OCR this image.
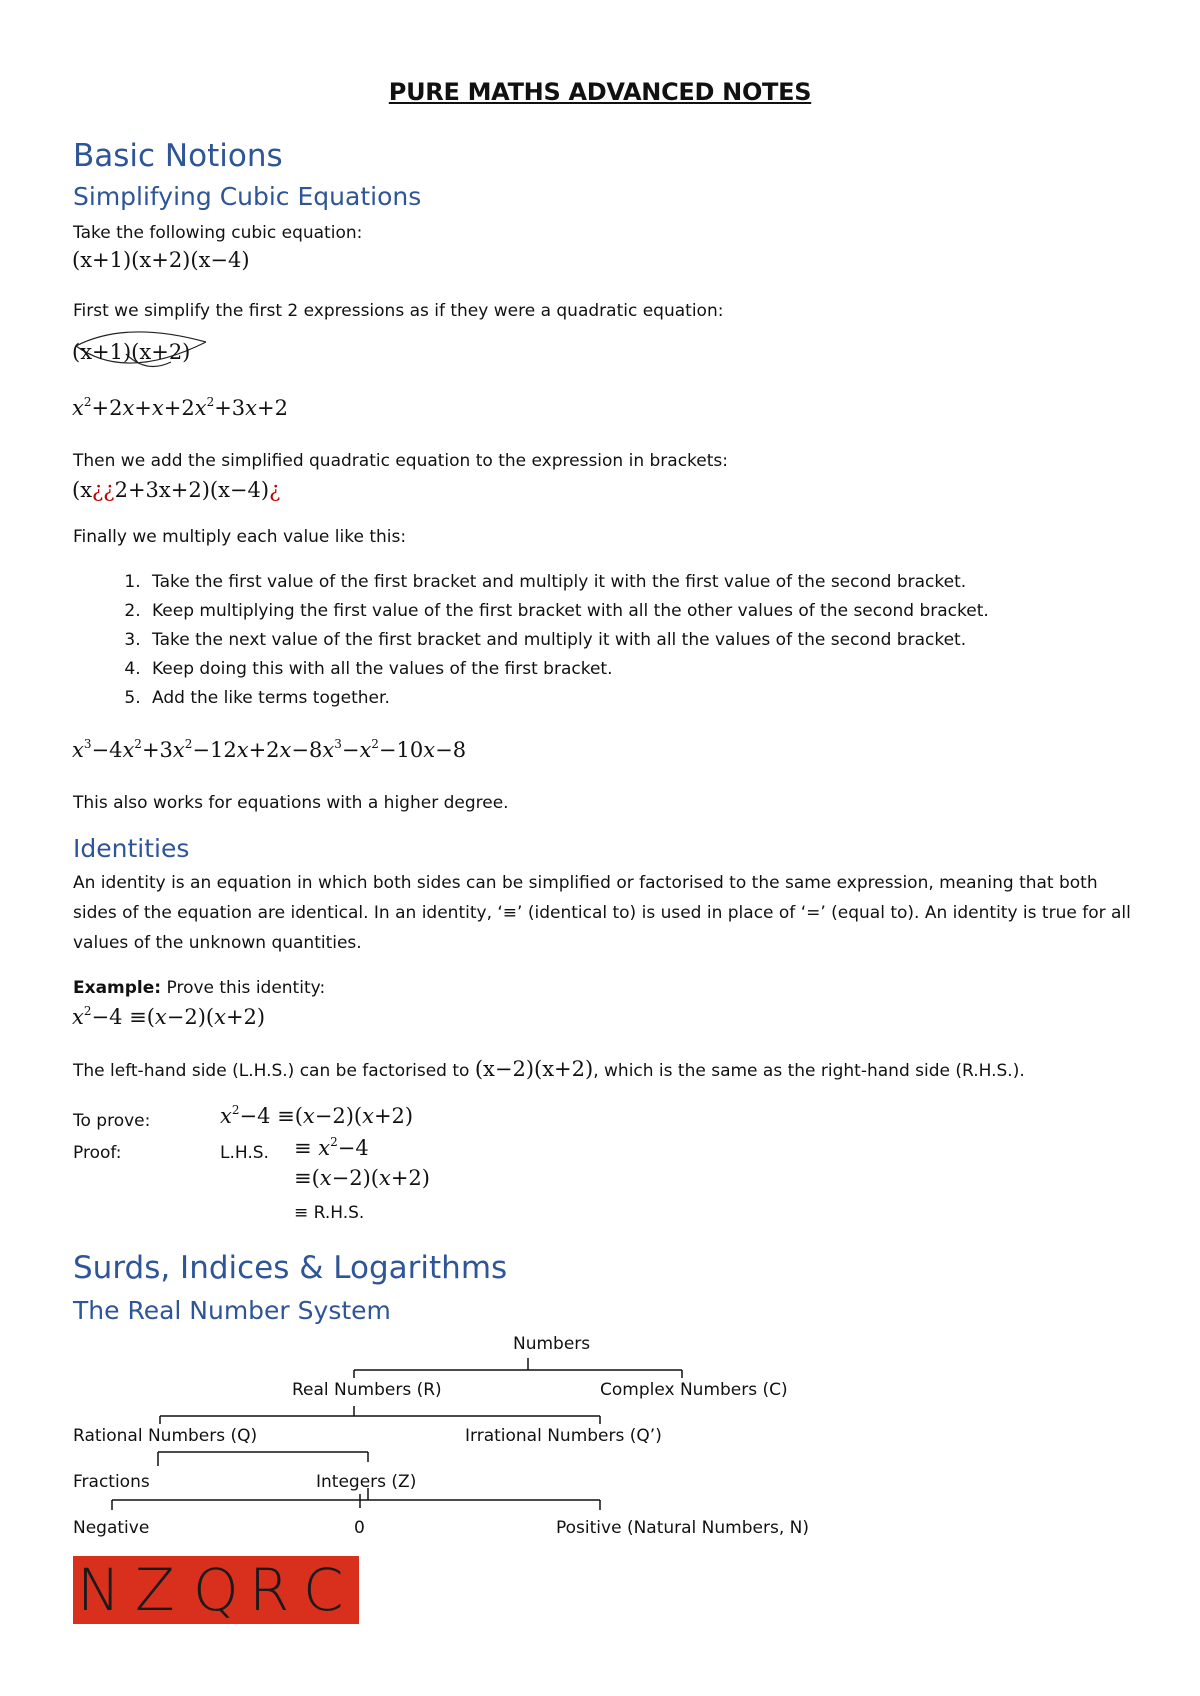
PURE MATHS ADVANCED NOTES
Basic Notions
Simplifying Cubic Equations
Take the following cubic equation:
(x+1)(x+2)(x−4)
First we simplify the first 2 expressions as if they were a quadratic equation:
(x+1)(x+2)
$x^2+2x+x+2x^2+3x+2$
Then we add the simplified quadratic equation to the expression in brackets:
(x¿¿2+3x+2)(x−4)¿
Finally we multiply each value like this:
1. Take the first value of the first bracket and multiply it with the first value of the second bracket.
2. Keep multiplying the first value of the first bracket with all the other values of the second bracket.
3. Take the next value of the first bracket and multiply it with all the values of the second bracket.
4. Keep doing this with all the values of the first bracket.
5. Add the like terms together.
$x^3-4x^2+3x^2-12x+2x-8x^3-x^2-10x-8$
This also works for equations with a higher degree.
Identities
An identity is an equation in which both sides can be simplified or factorised to the same expression, meaning that both sides of the equation are identical. In an identity, ‘≡’ (identical to) is used in place of ‘=’ (equal to). An identity is true for all values of the unknown quantities.
Example: Prove this identity:
$x^2-4 \equiv(x-2)(x+2)$
The left-hand side (L.H.S.) can be factorised to (x−2)(x+2), which is the same as the right-hand side (R.H.S.).
To prove:	$x^2-4 \equiv(x-2)(x+2)$
Proof:	L.H.S. ≡ $x^2-4$
≡(x−2)(x+2)
≡ R.H.S.
Surds, Indices & Logarithms
The Real Number System
Numbers
Real Numbers (R)	Complex Numbers (C)
Rational Numbers (Q)	Irrational Numbers (Q’)
Fractions	Integers (Z)
Negative	0	Positive (Natural Numbers, N)
N Z Q R C
